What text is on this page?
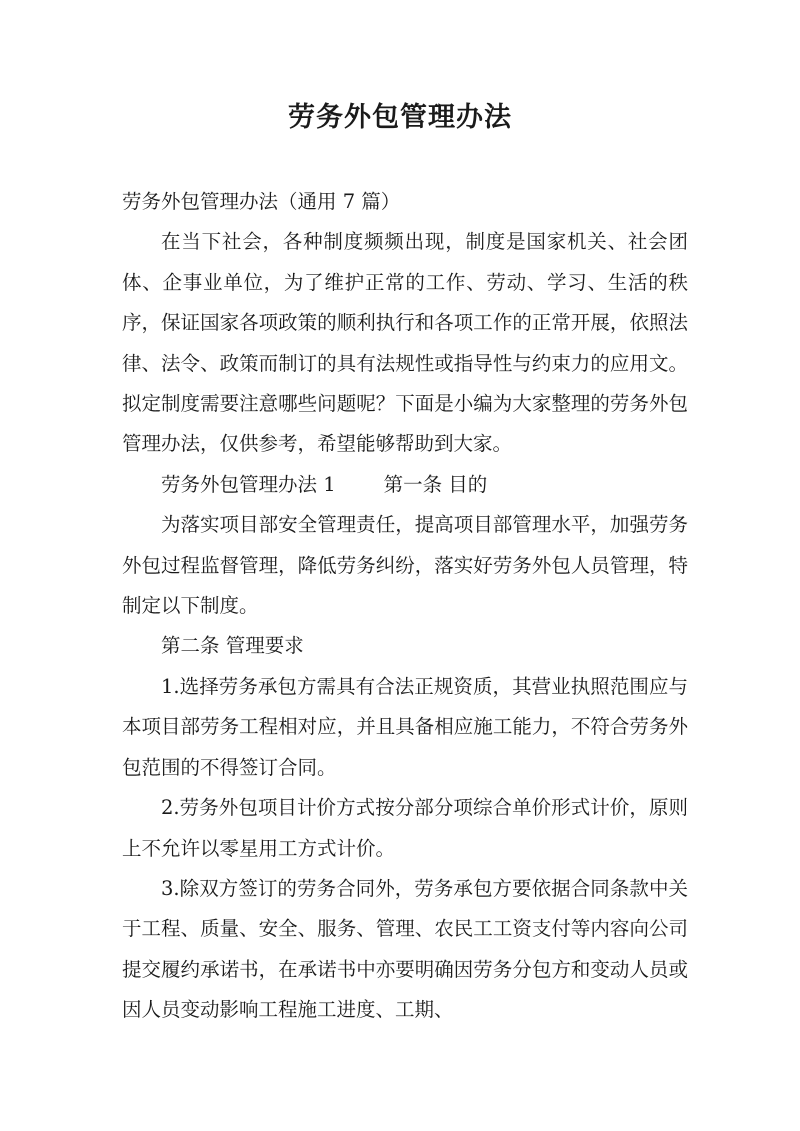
劳务外包管理办法

劳务外包管理办法（通用 7 篇）

在当下社会，各种制度频频出现，制度是国家机关、社会团体、企事业单位，为了维护正常的工作、劳动、学习、生活的秩序，保证国家各项政策的顺利执行和各项工作的正常开展，依照法律、法令、政策而制订的具有法规性或指导性与约束力的应用文。拟定制度需要注意哪些问题呢？下面是小编为大家整理的劳务外包管理办法，仅供参考，希望能够帮助到大家。

劳务外包管理办法 1 第一条 目的

为落实项目部安全管理责任，提高项目部管理水平，加强劳务外包过程监督管理，降低劳务纠纷，落实好劳务外包人员管理，特制定以下制度。

第二条 管理要求

1.选择劳务承包方需具有合法正规资质，其营业执照范围应与本项目部劳务工程相对应，并且具备相应施工能力，不符合劳务外包范围的不得签订合同。

2.劳务外包项目计价方式按分部分项综合单价形式计价，原则上不允许以零星用工方式计价。

3.除双方签订的劳务合同外，劳务承包方要依据合同条款中关于工程、质量、安全、服务、管理、农民工工资支付等内容向公司提交履约承诺书，在承诺书中亦要明确因劳务分包方和变动人员或因人员变动影响工程施工进度、工期、
